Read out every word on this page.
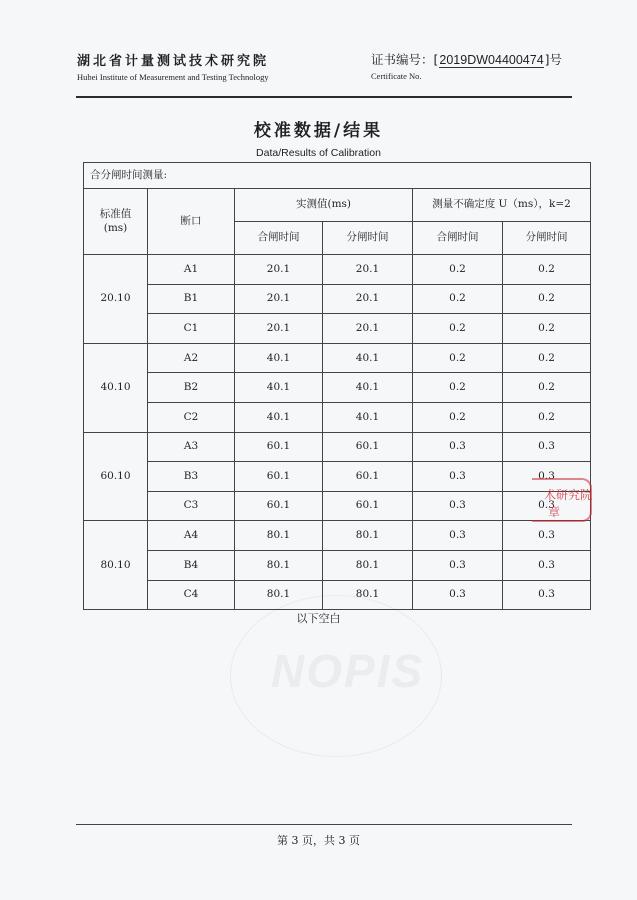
NOPIS
湖北省计量测试技术研究院
Hubei Institute of Measurement and Testing Technology
证书编号：[2019DW04400474]号
Certificate No.
校准数据/结果
Data/Results of Calibration
合分闸时间测量:					
标准值
(ms)	断口	实测值(ms)		测量不确定度 U（ms），k=2	
		合闸时间	分闸时间	合闸时间	分闸时间
20.10	A1	20.1	20.1	0.2	0.2
	B1	20.1	20.1	0.2	0.2
	C1	20.1	20.1	0.2	0.2
40.10	A2	40.1	40.1	0.2	0.2
	B2	40.1	40.1	0.2	0.2
	C2	40.1	40.1	0.2	0.2
60.10	A3	60.1	60.1	0.3	0.3
	B3	60.1	60.1	0.3	0.3
	C3	60.1	60.1	0.3	0.3
80.10	A4	80.1	80.1	0.3	0.3
	B4	80.1	80.1	0.3	0.3
	C4	80.1	80.1	0.3	0.3
术研究院
章
以下空白
第 3 页，共 3 页
